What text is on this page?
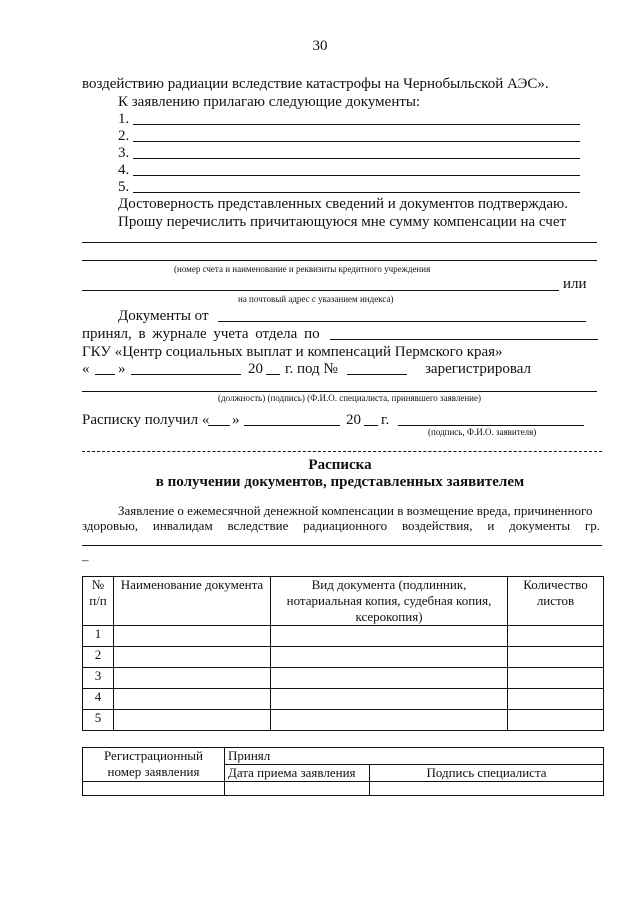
30
воздействию радиации вследствие катастрофы на Чернобыльской АЭС».
К заявлению прилагаю следующие документы:
1.
2.
3.
4.
5.
Достоверность представленных сведений и документов подтверждаю.
Прошу перечислить причитающуюся мне сумму компенсации на счет
(номер счета и наименование и реквизиты кредитного учреждения
или
на почтовый адрес с указанием индекса)
Документы от
принял, в журнале учета отдела по
ГКУ «Центр социальных выплат и компенсаций Пермского края»
« »	20 г. под №	зарегистрировал
(должность) (подпись) (Ф.И.О. специалиста, принявшего заявление)
Расписку получил « »	20 г.
(подпись, Ф.И.О. заявителя)
Расписка
в получении документов, представленных заявителем
Заявление о ежемесячной денежной компенсации в возмещение вреда, причиненного
здоровью, инвалидам вследствие радиационного воздействия, и документы гр.
–
№ п/п	Наименование документа	Вид документа (подлинник, нотариальная копия, судебная копия, ксерокопия)	Количество листов
1			
2			
3			
4			
5			
Регистрационный
номер заявления	Принял	
	Дата приема заявления	Подпись специалиста
